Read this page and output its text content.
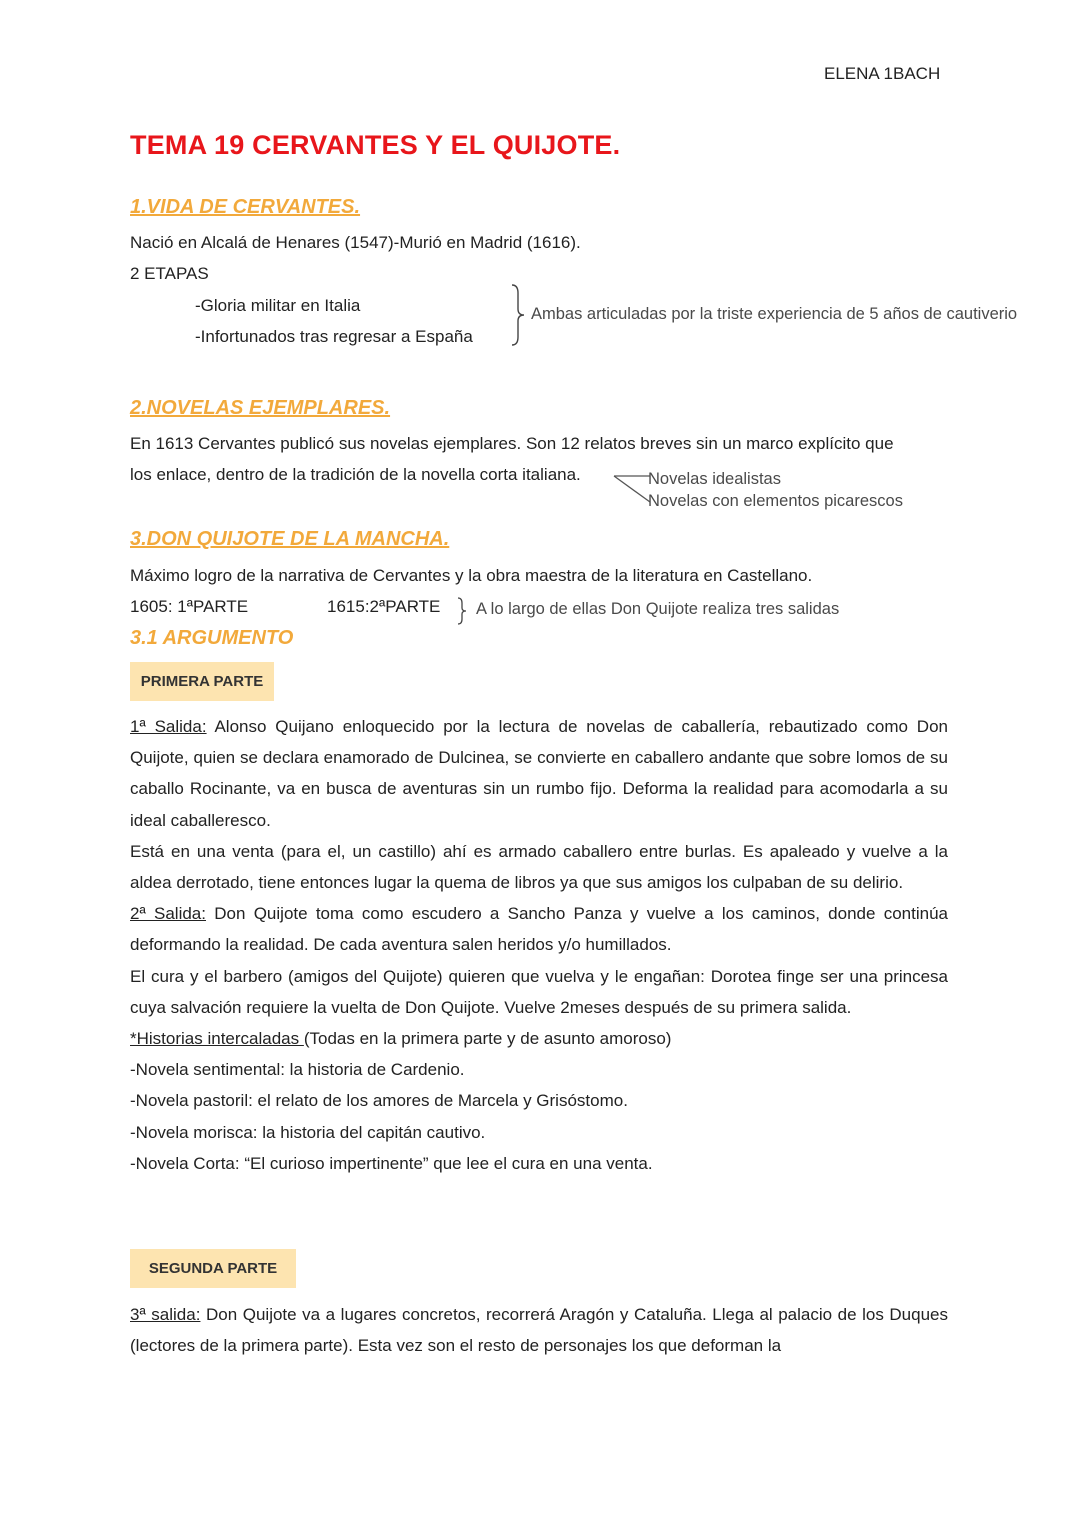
ELENA 1BACH
TEMA 19 CERVANTES Y EL QUIJOTE.
1.VIDA DE CERVANTES.
Nació en Alcalá de Henares (1547)-Murió en Madrid (1616).
2 ETAPAS
-Gloria militar en Italia
-Infortunados tras regresar a España
Ambas articuladas por la triste experiencia de 5 años de cautiverio
2.NOVELAS EJEMPLARES.
En 1613 Cervantes publicó sus novelas ejemplares. Son 12 relatos breves sin un marco explícito que
los enlace, dentro de la tradición de la novella corta italiana.	Novelas idealistas
Novelas con elementos picarescos
3.DON QUIJOTE DE LA MANCHA.
Máximo logro de la narrativa de Cervantes y la obra maestra de la literatura en Castellano.
1605: 1ªPARTE	1615:2ªPARTE A lo largo de ellas Don Quijote realiza tres salidas
3.1 ARGUMENTO
PRIMERA PARTE

1ª Salida: Alonso Quijano enloquecido por la lectura de novelas de caballería, rebautizado como Don Quijote, quien se declara enamorado de Dulcinea, se convierte en caballero andante que sobre lomos de su caballo Rocinante, va en busca de aventuras sin un rumbo fijo. Deforma la realidad para acomodarla a su ideal caballeresco.

Está en una venta (para el, un castillo) ahí es armado caballero entre burlas. Es apaleado y vuelve a la aldea derrotado, tiene entonces lugar la quema de libros ya que sus amigos los culpaban de su delirio.

2ª Salida: Don Quijote toma como escudero a Sancho Panza y vuelve a los caminos, donde continúa deformando la realidad. De cada aventura salen heridos y/o humillados.

El cura y el barbero (amigos del Quijote) quieren que vuelva y le engañan: Dorotea finge ser una princesa cuya salvación requiere la vuelta de Don Quijote. Vuelve 2meses después de su primera salida.

*Historias intercaladas (Todas en la primera parte y de asunto amoroso)

-Novela sentimental: la historia de Cardenio.

-Novela pastoril: el relato de los amores de Marcela y Grisóstomo.

-Novela morisca: la historia del capitán cautivo.

-Novela Corta: “El curioso impertinente” que lee el cura en una venta.

SEGUNDA PARTE

3ª salida: Don Quijote va a lugares concretos, recorrerá Aragón y Cataluña. Llega al palacio de los Duques (lectores de la primera parte). Esta vez son el resto de personajes los que deforman la
